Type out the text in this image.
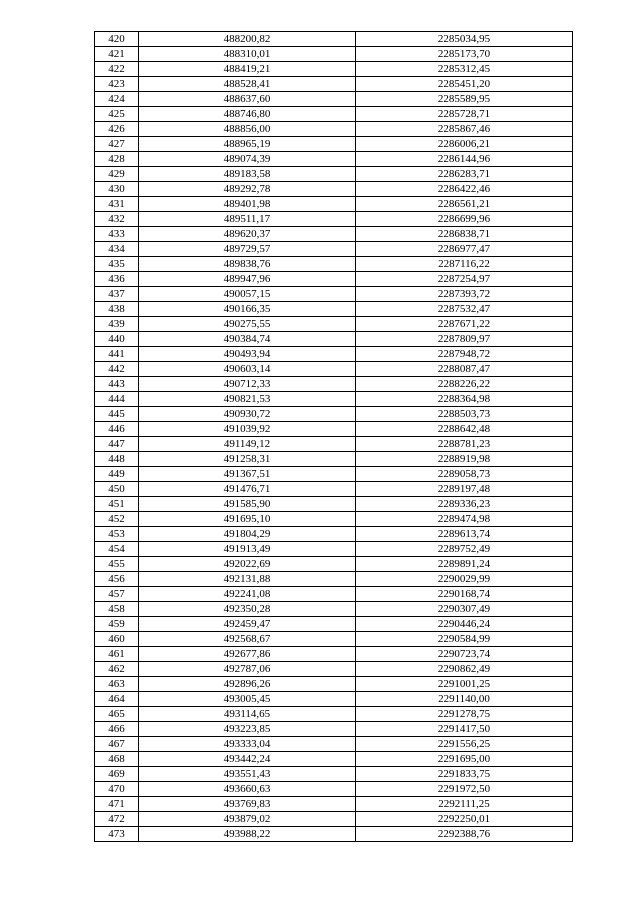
420	488200,82	2285034,95
421	488310,01	2285173,70
422	488419,21	2285312,45
423	488528,41	2285451,20
424	488637,60	2285589,95
425	488746,80	2285728,71
426	488856,00	2285867,46
427	488965,19	2286006,21
428	489074,39	2286144,96
429	489183,58	2286283,71
430	489292,78	2286422,46
431	489401,98	2286561,21
432	489511,17	2286699,96
433	489620,37	2286838,71
434	489729,57	2286977,47
435	489838,76	2287116,22
436	489947,96	2287254,97
437	490057,15	2287393,72
438	490166,35	2287532,47
439	490275,55	2287671,22
440	490384,74	2287809,97
441	490493,94	2287948,72
442	490603,14	2288087,47
443	490712,33	2288226,22
444	490821,53	2288364,98
445	490930,72	2288503,73
446	491039,92	2288642,48
447	491149,12	2288781,23
448	491258,31	2288919,98
449	491367,51	2289058,73
450	491476,71	2289197,48
451	491585,90	2289336,23
452	491695,10	2289474,98
453	491804,29	2289613,74
454	491913,49	2289752,49
455	492022,69	2289891,24
456	492131,88	2290029,99
457	492241,08	2290168,74
458	492350,28	2290307,49
459	492459,47	2290446,24
460	492568,67	2290584,99
461	492677,86	2290723,74
462	492787,06	2290862,49
463	492896,26	2291001,25
464	493005,45	2291140,00
465	493114,65	2291278,75
466	493223,85	2291417,50
467	493333,04	2291556,25
468	493442,24	2291695,00
469	493551,43	2291833,75
470	493660,63	2291972,50
471	493769,83	2292111,25
472	493879,02	2292250,01
473	493988,22	2292388,76
